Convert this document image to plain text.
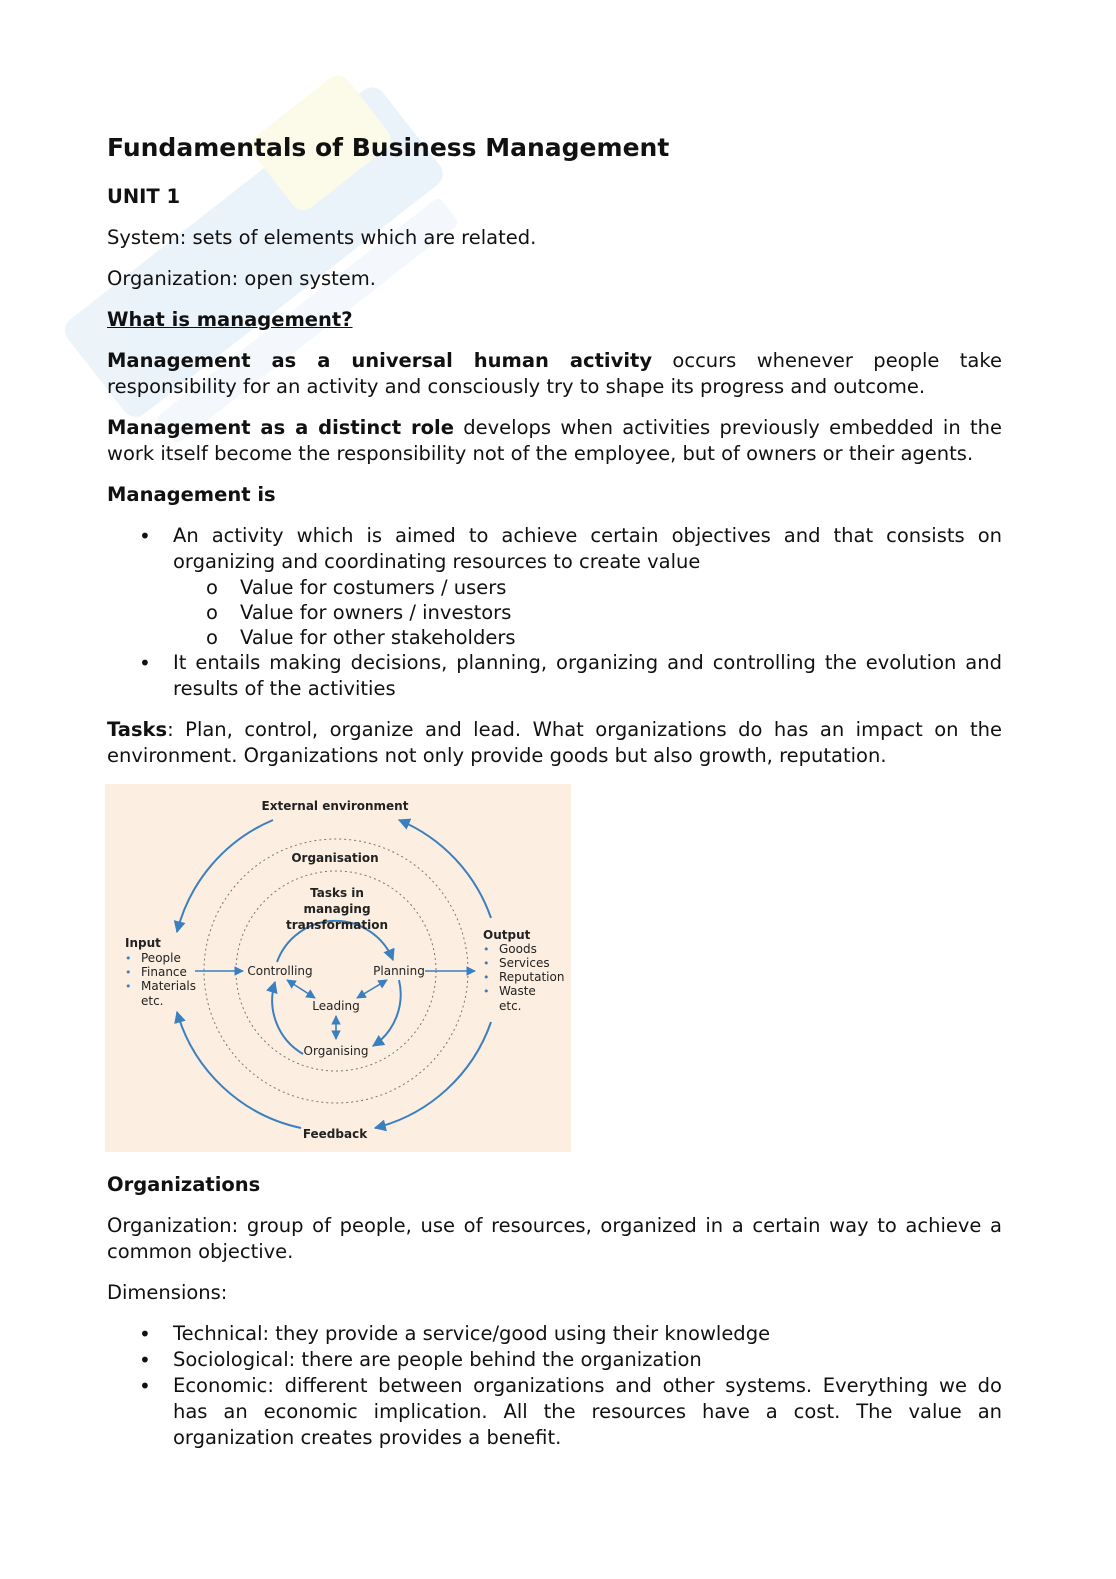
Fundamentals of Business Management
UNIT 1
System: sets of elements which are related.
Organization: open system.
What is management?
Management as a universal human activity occurs whenever people take responsibility for an activity and consciously try to shape its progress and outcome.
Management as a distinct role develops when activities previously embedded in the work itself become the responsibility not of the employee, but of owners or their agents.
Management is
• An activity which is aimed to achieve certain objectives and that consists on organizing and coordinating resources to create value
o Value for costumers / users
o Value for owners / investors
o Value for other stakeholders
• It entails making decisions, planning, organizing and controlling the evolution and results of the activities
Tasks: Plan, control, organize and lead. What organizations do has an impact on the environment. Organizations not only provide goods but also growth, reputation.
External environment
Organisation
Tasks in
managing
transformation
Controlling	Planning
Leading
Organising
Feedback
Input
• People
• Finance
• Materials
etc.
Output
• Goods
• Services
• Reputation
• Waste
etc.
Organizations
Organization: group of people, use of resources, organized in a certain way to achieve a common objective.
Dimensions:
• Technical: they provide a service/good using their knowledge
• Sociological: there are people behind the organization
• Economic: different between organizations and other systems. Everything we do has an economic implication. All the resources have a cost. The value an organization creates provides a benefit.
